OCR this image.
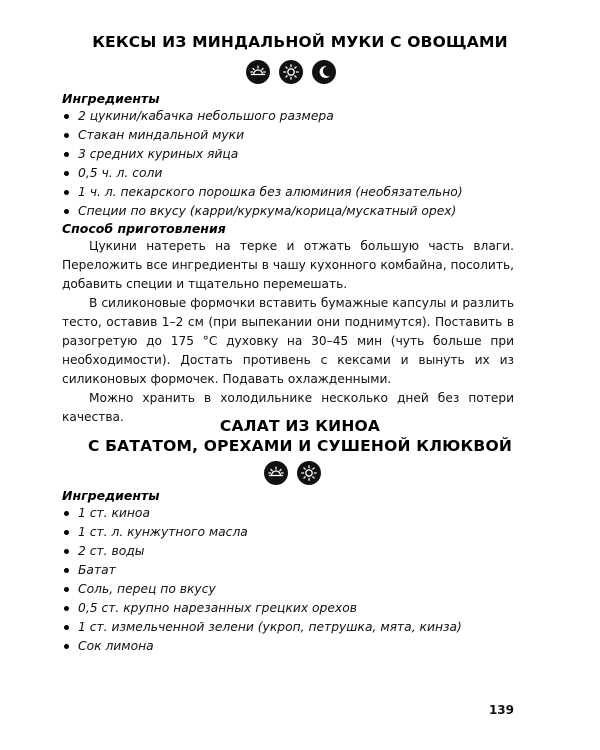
КЕКСЫ ИЗ МИНДАЛЬНОЙ МУКИ С ОВОЩАМИ
Ингредиенты
2 цукини/кабачка небольшого размера
Стакан миндальной муки
3 средних куриных яйца
0,5 ч. л. соли
1 ч. л. пекарского порошка без алюминия (необязательно)
Специи по вкусу (карри/куркума/корица/мускатный орех)
Способ приготовления

Цукини натереть на терке и отжать большую часть влаги. Переложить все ингредиенты в чашу кухонного комбайна, посолить, добавить специи и тщательно перемешать.

В силиконовые формочки вставить бумажные капсулы и разлить тесто, оставив 1–2 см (при выпекании они поднимутся). Поставить в разогретую до 175 °С духовку на 30–45 мин (чуть больше при необходимости). Достать противень с кексами и вынуть их из силиконовых формочек. Подавать охлажденными.

Можно хранить в холодильнике несколько дней без потери качества.	САЛАТ ИЗ КИНОА
С БАТАТОМ, ОРЕХАМИ И СУШЕНОЙ КЛЮКВОЙ
Ингредиенты
1 ст. киноа
1 ст. л. кунжутного масла
2 ст. воды
Батат
Соль, перец по вкусу
0,5 ст. крупно нарезанных грецких орехов
1 ст. измельченной зелени (укроп, петрушка, мята, кинза)
Сок лимона
139
